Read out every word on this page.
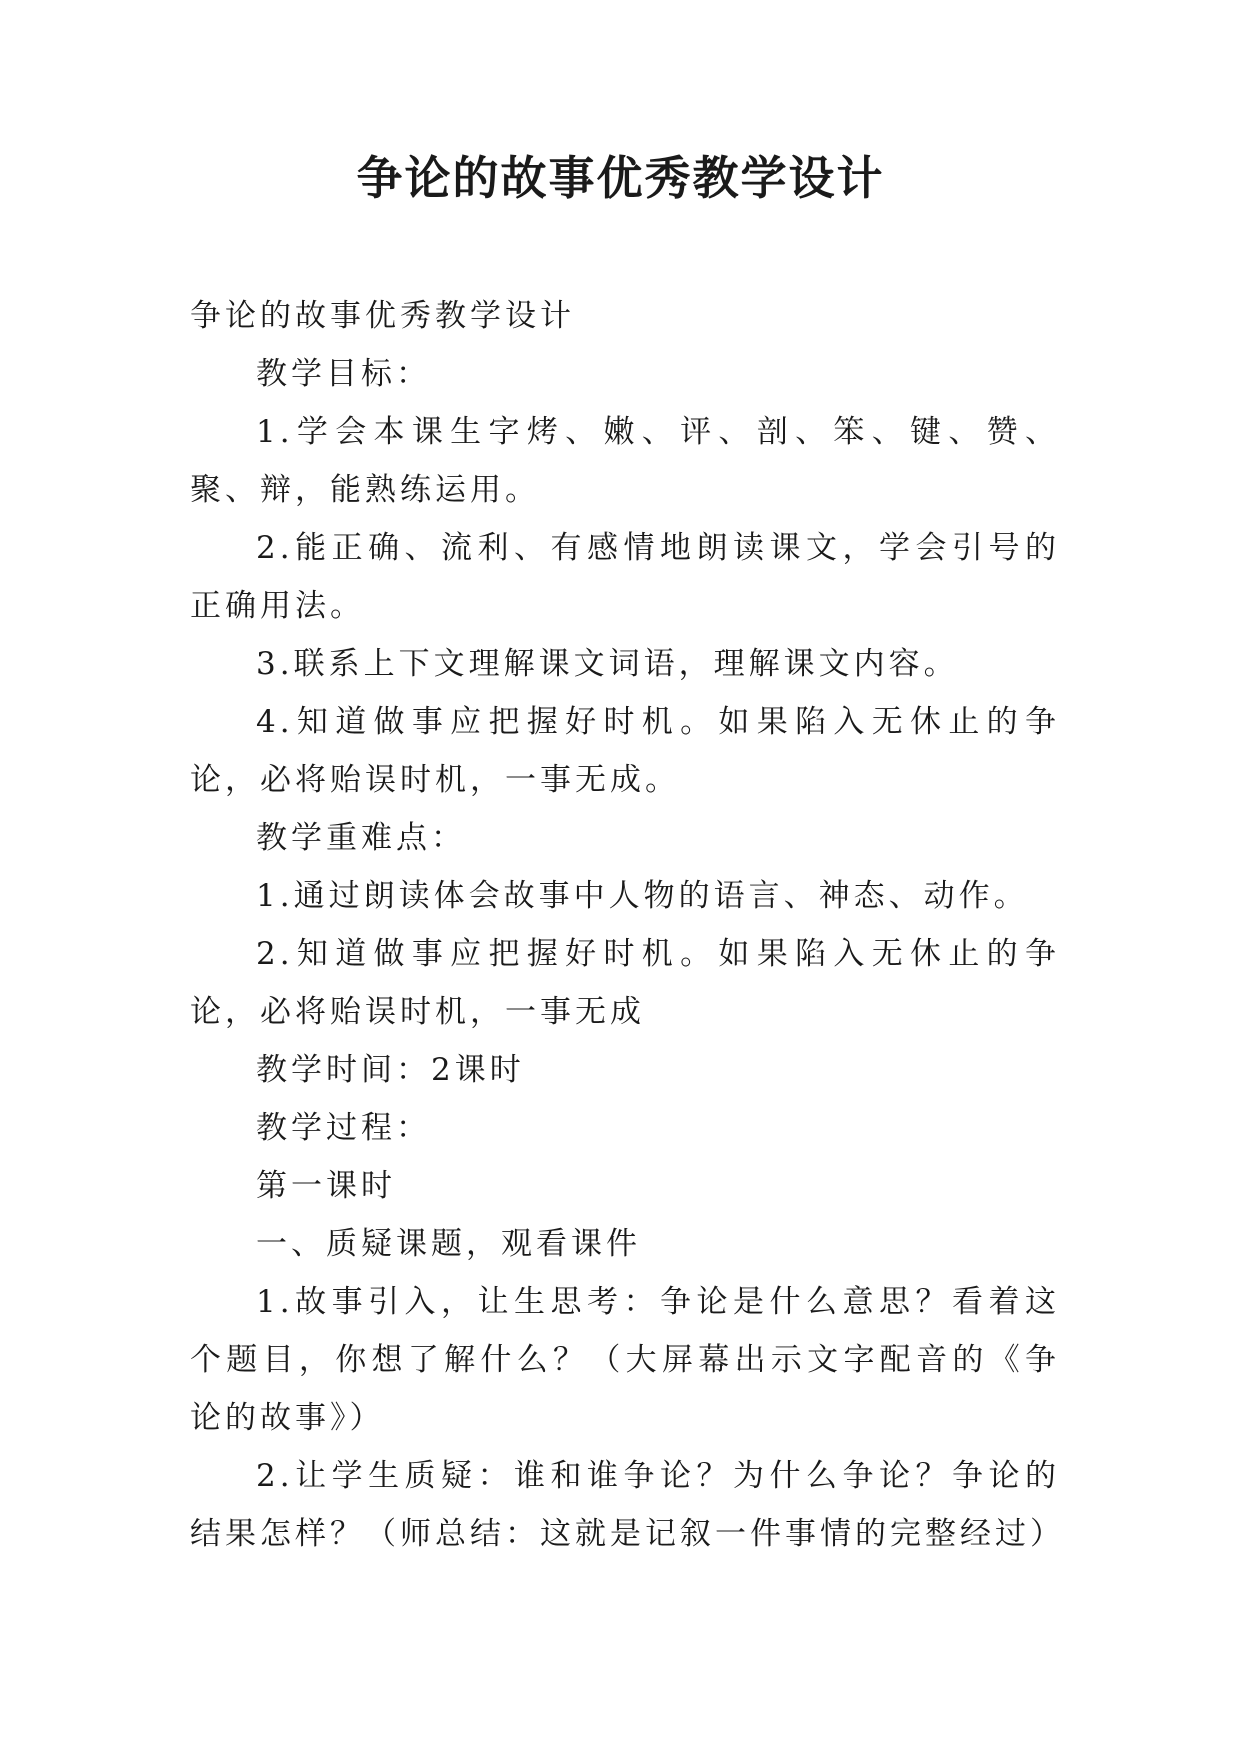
争论的故事优秀教学设计

争论的故事优秀教学设计

教学目标：

1.学会本课生字烤、嫩、评、剖、笨、键、赞、聚、辩，能熟练运用。

2.能正确、流利、有感情地朗读课文，学会引号的正确用法。

3.联系上下文理解课文词语，理解课文内容。

4.知道做事应把握好时机。如果陷入无休止的争论，必将贻误时机，一事无成。

教学重难点：

1.通过朗读体会故事中人物的语言、神态、动作。

2.知道做事应把握好时机。如果陷入无休止的争论，必将贻误时机，一事无成

教学时间：2课时

教学过程：

第一课时

一、质疑课题，观看课件

1.故事引入，让生思考：争论是什么意思？看着这个题目，你想了解什么？（大屏幕出示文字配音的《争论的故事》）

2.让学生质疑：谁和谁争论？为什么争论？争论的结果怎样？（师总结：这就是记叙一件事情的完整经过）
